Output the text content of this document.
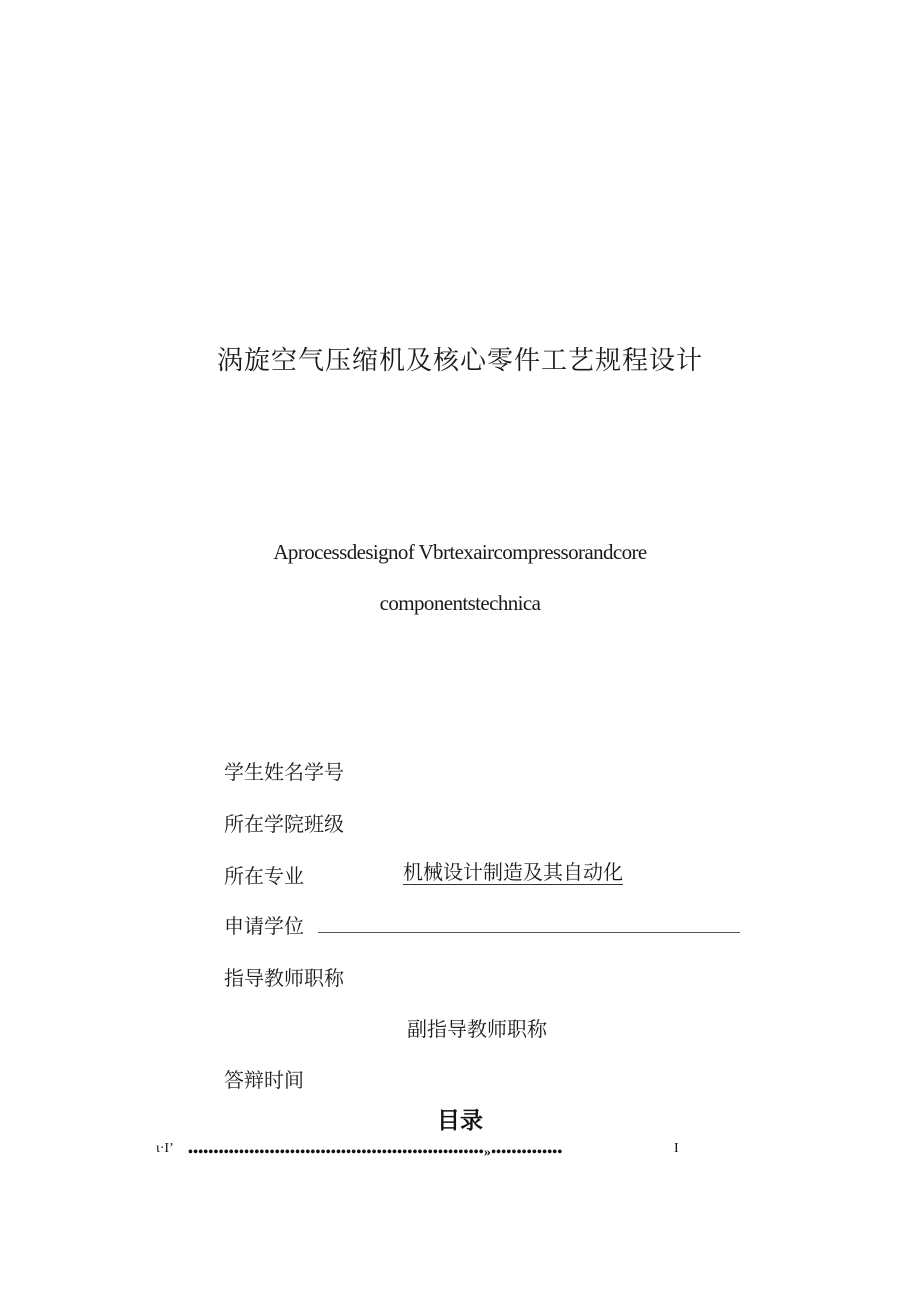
涡旋空气压缩机及核心零件工艺规程设计
Aprocessdesignof Vbrtexaircompressorandcore
componentstechnica
学生姓名学号
所在学院班级
所在专业	机械设计制造及其自动化
申请学位
指导教师职称
副指导教师职称
答辩时间
目录
ι·Ι’ ••••••••••••••••••••••••••••••••••••••••••••••••••••••••••»••••••••••••••	I
